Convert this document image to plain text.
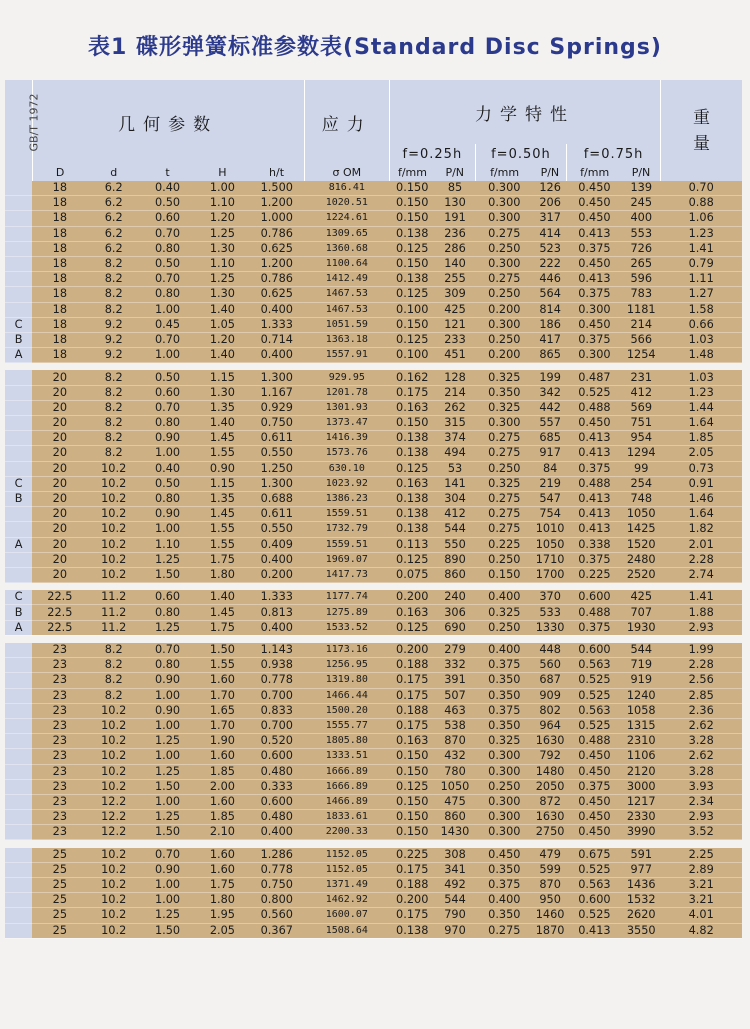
表1 碟形弹簧标准参数表(Standard Disc Springs)
GB/T 1972	几何参数					应力	力学特性						重量

							f=0.25h		f=0.50h		f=0.75h		
	D	d	t	H	h/t	σ OM	f/mm	P/N	f/mm	P/N	f/mm	P/N	
	18	6.2	0.40	1.00	1.500	816.41	0.150	85	0.300	126	0.450	139	0.70
	18	6.2	0.50	1.10	1.200	1020.51	0.150	130	0.300	206	0.450	245	0.88
	18	6.2	0.60	1.20	1.000	1224.61	0.150	191	0.300	317	0.450	400	1.06
	18	6.2	0.70	1.25	0.786	1309.65	0.138	236	0.275	414	0.413	553	1.23
	18	6.2	0.80	1.30	0.625	1360.68	0.125	286	0.250	523	0.375	726	1.41
	18	8.2	0.50	1.10	1.200	1100.64	0.150	140	0.300	222	0.450	265	0.79
	18	8.2	0.70	1.25	0.786	1412.49	0.138	255	0.275	446	0.413	596	1.11
	18	8.2	0.80	1.30	0.625	1467.53	0.125	309	0.250	564	0.375	783	1.27
	18	8.2	1.00	1.40	0.400	1467.53	0.100	425	0.200	814	0.300	1181	1.58
C	18	9.2	0.45	1.05	1.333	1051.59	0.150	121	0.300	186	0.450	214	0.66
B	18	9.2	0.70	1.20	0.714	1363.18	0.125	233	0.250	417	0.375	566	1.03
A	18	9.2	1.00	1.40	0.400	1557.91	0.100	451	0.200	865	0.300	1254	1.48

	20	8.2	0.50	1.15	1.300	929.95	0.162	128	0.325	199	0.487	231	1.03
	20	8.2	0.60	1.30	1.167	1201.78	0.175	214	0.350	342	0.525	412	1.23
	20	8.2	0.70	1.35	0.929	1301.93	0.163	262	0.325	442	0.488	569	1.44
	20	8.2	0.80	1.40	0.750	1373.47	0.150	315	0.300	557	0.450	751	1.64
	20	8.2	0.90	1.45	0.611	1416.39	0.138	374	0.275	685	0.413	954	1.85
	20	8.2	1.00	1.55	0.550	1573.76	0.138	494	0.275	917	0.413	1294	2.05
	20	10.2	0.40	0.90	1.250	630.10	0.125	53	0.250	84	0.375	99	0.73
C	20	10.2	0.50	1.15	1.300	1023.92	0.163	141	0.325	219	0.488	254	0.91
B	20	10.2	0.80	1.35	0.688	1386.23	0.138	304	0.275	547	0.413	748	1.46
	20	10.2	0.90	1.45	0.611	1559.51	0.138	412	0.275	754	0.413	1050	1.64
	20	10.2	1.00	1.55	0.550	1732.79	0.138	544	0.275	1010	0.413	1425	1.82
A	20	10.2	1.10	1.55	0.409	1559.51	0.113	550	0.225	1050	0.338	1520	2.01
	20	10.2	1.25	1.75	0.400	1969.07	0.125	890	0.250	1710	0.375	2480	2.28
	20	10.2	1.50	1.80	0.200	1417.73	0.075	860	0.150	1700	0.225	2520	2.74

C	22.5	11.2	0.60	1.40	1.333	1177.74	0.200	240	0.400	370	0.600	425	1.41
B	22.5	11.2	0.80	1.45	0.813	1275.89	0.163	306	0.325	533	0.488	707	1.88
A	22.5	11.2	1.25	1.75	0.400	1533.52	0.125	690	0.250	1330	0.375	1930	2.93

	23	8.2	0.70	1.50	1.143	1173.16	0.200	279	0.400	448	0.600	544	1.99
	23	8.2	0.80	1.55	0.938	1256.95	0.188	332	0.375	560	0.563	719	2.28
	23	8.2	0.90	1.60	0.778	1319.80	0.175	391	0.350	687	0.525	919	2.56
	23	8.2	1.00	1.70	0.700	1466.44	0.175	507	0.350	909	0.525	1240	2.85
	23	10.2	0.90	1.65	0.833	1500.20	0.188	463	0.375	802	0.563	1058	2.36
	23	10.2	1.00	1.70	0.700	1555.77	0.175	538	0.350	964	0.525	1315	2.62
	23	10.2	1.25	1.90	0.520	1805.80	0.163	870	0.325	1630	0.488	2310	3.28
	23	10.2	1.00	1.60	0.600	1333.51	0.150	432	0.300	792	0.450	1106	2.62
	23	10.2	1.25	1.85	0.480	1666.89	0.150	780	0.300	1480	0.450	2120	3.28
	23	10.2	1.50	2.00	0.333	1666.89	0.125	1050	0.250	2050	0.375	3000	3.93
	23	12.2	1.00	1.60	0.600	1466.89	0.150	475	0.300	872	0.450	1217	2.34
	23	12.2	1.25	1.85	0.480	1833.61	0.150	860	0.300	1630	0.450	2330	2.93
	23	12.2	1.50	2.10	0.400	2200.33	0.150	1430	0.300	2750	0.450	3990	3.52

	25	10.2	0.70	1.60	1.286	1152.05	0.225	308	0.450	479	0.675	591	2.25
	25	10.2	0.90	1.60	0.778	1152.05	0.175	341	0.350	599	0.525	977	2.89
	25	10.2	1.00	1.75	0.750	1371.49	0.188	492	0.375	870	0.563	1436	3.21
	25	10.2	1.00	1.80	0.800	1462.92	0.200	544	0.400	950	0.600	1532	3.21
	25	10.2	1.25	1.95	0.560	1600.07	0.175	790	0.350	1460	0.525	2620	4.01
	25	10.2	1.50	2.05	0.367	1508.64	0.138	970	0.275	1870	0.413	3550	4.82
